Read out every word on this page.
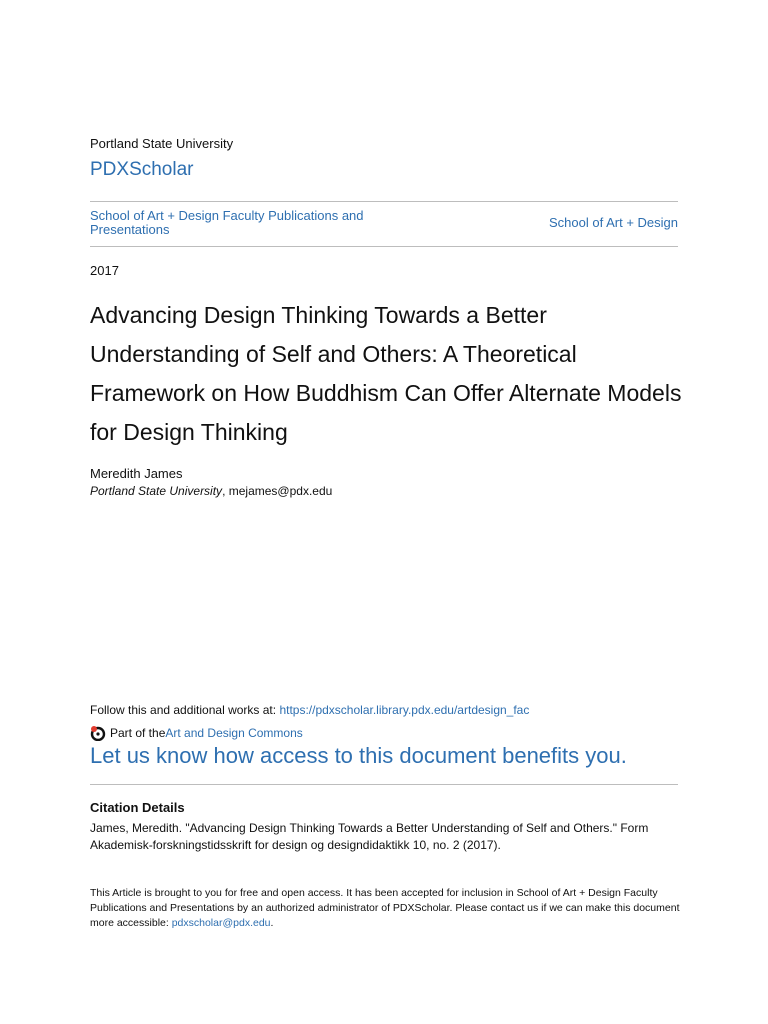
Portland State University
PDXScholar
School of Art + Design Faculty Publications and Presentations	School of Art + Design
2017
Advancing Design Thinking Towards a Better Understanding of Self and Others: A Theoretical Framework on How Buddhism Can Offer Alternate Models for Design Thinking
Meredith James
Portland State University, mejames@pdx.edu
Follow this and additional works at: https://pdxscholar.library.pdx.edu/artdesign_fac
Part of the Art and Design Commons
Let us know how access to this document benefits you.
Citation Details
James, Meredith. "Advancing Design Thinking Towards a Better Understanding of Self and Others." Form Akademisk-forskningstidsskrift for design og designdidaktikk 10, no. 2 (2017).
This Article is brought to you for free and open access. It has been accepted for inclusion in School of Art + Design Faculty Publications and Presentations by an authorized administrator of PDXScholar. Please contact us if we can make this document more accessible: pdxscholar@pdx.edu.
